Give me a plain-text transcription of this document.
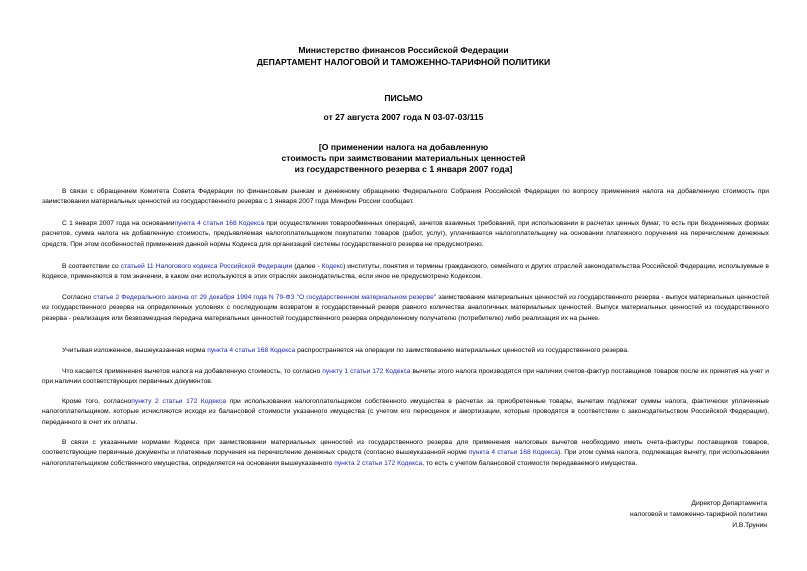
Министерство финансов Российской Федерации
ДЕПАРТАМЕНТ НАЛОГОВОЙ И ТАМОЖЕННО-ТАРИФНОЙ ПОЛИТИКИ
ПИСЬМО
от 27 августа 2007 года N 03-07-03/115
[О применении налога на добавленную
стоимость при заимствовании материальных ценностей
из государственного резерва с 1 января 2007 года]

В связи с обращением Комитета Совета Федерации по финансовым рынкам и денежному обращению Федерального Собрания Российской Федерации по вопросу применения налога на добавленную стоимость при заимствовании материальных ценностей из государственного резерва с 1 января 2007 года Минфин России сообщает.

С 1 января 2007 года на основаниипункта 4 статьи 168 Кодекса при осуществлении товарообменных операций, зачетов взаимных требований, при использовании в расчетах ценных бумаг, то есть при безденежных формах расчетов, сумма налога на добавленную стоимость, предъявляемая налогоплательщиком покупателю товаров (работ, услуг), уплачивается налогоплательщику на основании платежного поручения на перечисление денежных средств. При этом особенностей применения данной нормы Кодекса для организаций системы государственного резерва не предусмотрено.

В соответствии со статьей 11 Налогового кодекса Российской Федерации (далее - Кодекс) институты, понятия и термины гражданского, семейного и других отраслей законодательства Российской Федерации, используемые в Кодексе, применяются в том значении, в каком они используются в этих отраслях законодательства, если иное не предусмотрено Кодексом.

Согласно статье 2 Федерального закона от 29 декабря 1994 года N 79-ФЗ "О государственном материальном резерве" заимствование материальных ценностей из государственного резерва - выпуск материальных ценностей из государственного резерва на определенных условиях с последующим возвратом в государственный резерв равного количества аналогичных материальных ценностей. Выпуск материальных ценностей из государственного резерва - реализация или безвозмездная передача материальных ценностей государственного резерва определенному получателю (потребителю) либо реализация их на рынке.

Учитывая изложенное, вышеуказанная норма пункта 4 статьи 168 Кодекса распространяется на операции по заимствованию материальных ценностей из государственного резерва.

Что касается применения вычетов налога на добавленную стоимость, то согласно пункту 1 статьи 172 Кодекса вычеты этого налога производятся при наличии счетов-фактур поставщиков товаров после их принятия на учет и при наличии соответствующих первичных документов.

Кроме того, согласнопункту 2 статьи 172 Кодекса при использовании налогоплательщиком собственного имущества в расчетах за приобретенные товары, вычетам подлежат суммы налога, фактически уплаченные налогоплательщиком, которые исчисляются исходя из балансовой стоимости указанного имущества (с учетом его переоценок и амортизации, которые проводятся в соответствии с законодательством Российской Федерации), переданного в счет их оплаты.

В связи с указанными нормами Кодекса при заимствовании материальных ценностей из государственного резерва для применения налоговых вычетов необходимо иметь счета-фактуры поставщиков товаров, соответствующие первичные документы и платежные поручения на перечисление денежных средств (согласно вышеуказанной норме пункта 4 статьи 168 Кодекса). При этом сумма налога, подлежащая вычету, при использовании налогоплательщиком собственного имущества, определяется на основании вышеуказанного пункта 2 статьи 172 Кодекса, то есть с учетом балансовой стоимости передаваемого имущества.

Директор Департамента
налоговой и таможенно-тарифной политики
И.В.Трунин
